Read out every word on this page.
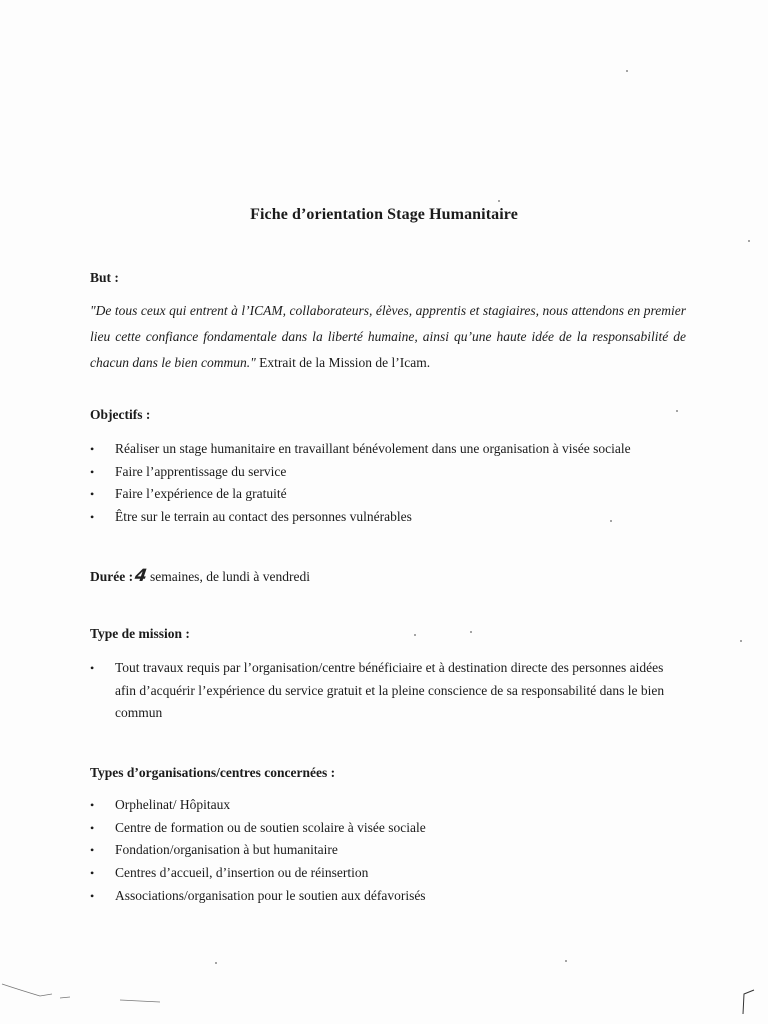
Fiche d’orientation Stage Humanitaire
But :
"De tous ceux qui entrent à l’ICAM, collaborateurs, élèves, apprentis et stagiaires, nous attendons en premier lieu cette confiance fondamentale dans la liberté humaine, ainsi qu’une haute idée de la responsabilité de chacun dans le bien commun." Extrait de la Mission de l’Icam.
Objectifs :
• Réaliser un stage humanitaire en travaillant bénévolement dans une organisation à visée sociale
• Faire l’apprentissage du service
• Faire l’expérience de la gratuité
• Être sur le terrain au contact des personnes vulnérables
Durée :4 semaines, de lundi à vendredi
Type de mission :
• Tout travaux requis par l’organisation/centre bénéficiaire et à destination directe des personnes aidées afin d’acquérir l’expérience du service gratuit et la pleine conscience de sa responsabilité dans le bien commun
Types d’organisations/centres concernées :
• Orphelinat/ Hôpitaux
• Centre de formation ou de soutien scolaire à visée sociale
• Fondation/organisation à but humanitaire
• Centres d’accueil, d’insertion ou de réinsertion
• Associations/organisation pour le soutien aux défavorisés
